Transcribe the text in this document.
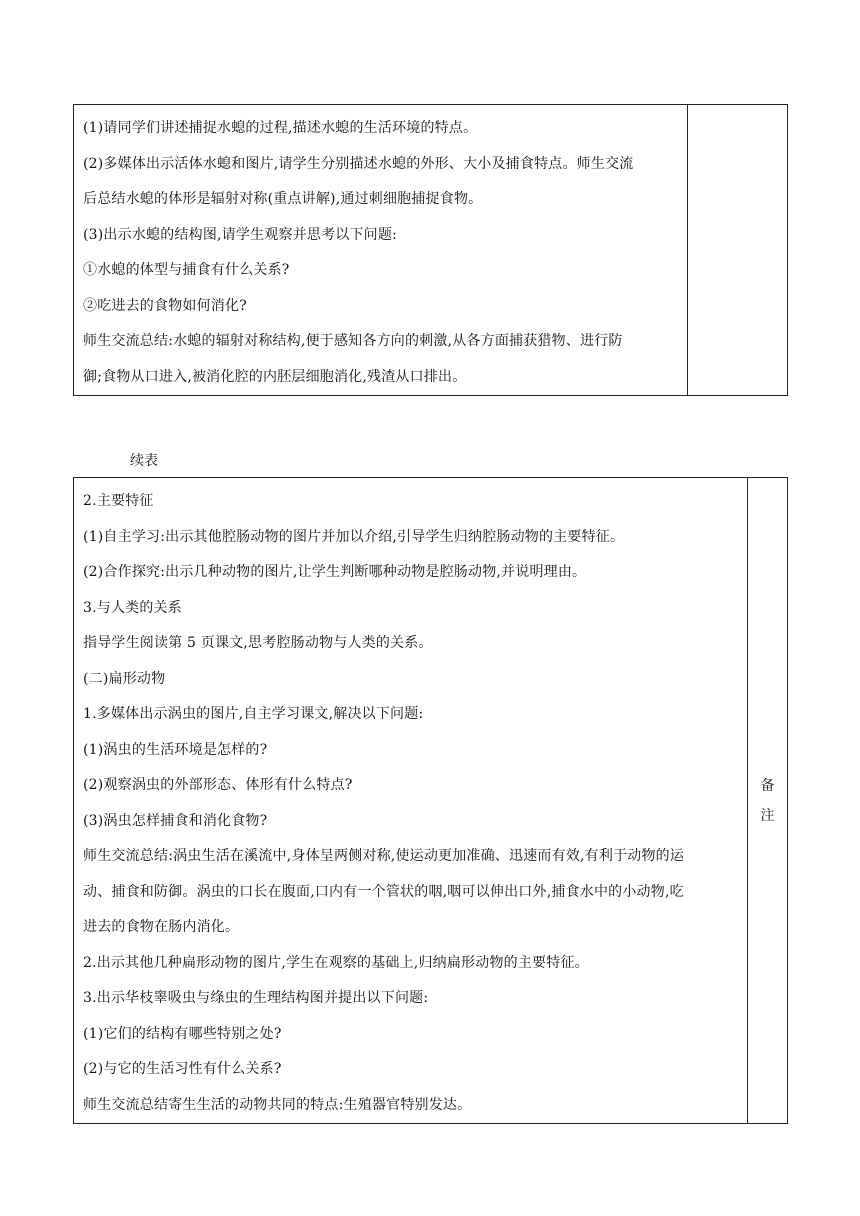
(1)请同学们讲述捕捉水螅的过程,描述水螅的生活环境的特点。
(2)多媒体出示活体水螅和图片,请学生分别描述水螅的外形、大小及捕食特点。师生交流
后总结水螅的体形是辐射对称(重点讲解),通过刺细胞捕捉食物。
(3)出示水螅的结构图,请学生观察并思考以下问题:
①水螅的体型与捕食有什么关系?
②吃进去的食物如何消化?
师生交流总结:水螅的辐射对称结构,便于感知各方向的刺激,从各方面捕获猎物、进行防
御;食物从口进入,被消化腔的内胚层细胞消化,残渣从口排出。

续表
2.主要特征
(1)自主学习:出示其他腔肠动物的图片并加以介绍,引导学生归纳腔肠动物的主要特征。
(2)合作探究:出示几种动物的图片,让学生判断哪种动物是腔肠动物,并说明理由。
3.与人类的关系
指导学生阅读第 5 页课文,思考腔肠动物与人类的关系。
(二)扁形动物
1.多媒体出示涡虫的图片,自主学习课文,解决以下问题:
(1)涡虫的生活环境是怎样的?
(2)观察涡虫的外部形态、体形有什么特点?
(3)涡虫怎样捕食和消化食物?
师生交流总结:涡虫生活在溪流中,身体呈两侧对称,使运动更加准确、迅速而有效,有利于动物的运
动、捕食和防御。涡虫的口长在腹面,口内有一个管状的咽,咽可以伸出口外,捕食水中的小动物,吃
进去的食物在肠内消化。
2.出示其他几种扁形动物的图片,学生在观察的基础上,归纳扁形动物的主要特征。
3.出示华枝睾吸虫与绦虫的生理结构图并提出以下问题:
(1)它们的结构有哪些特别之处?
(2)与它的生活习性有什么关系?
师生交流总结寄生生活的动物共同的特点:生殖器官特别发达。
	备注
